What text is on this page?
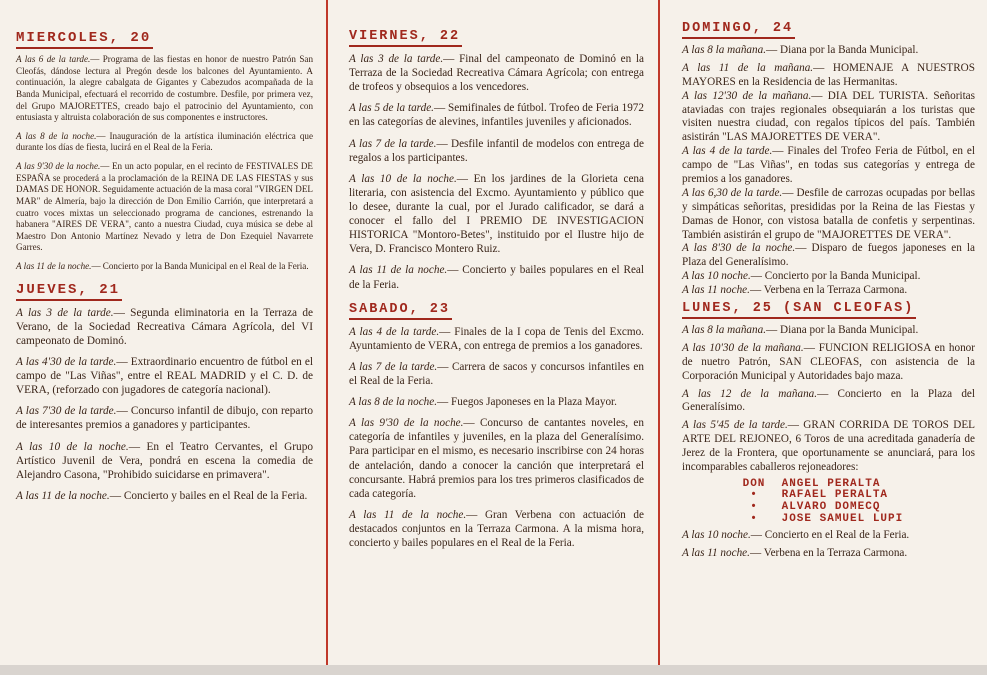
MIERCOLES, 20

A las 6 de la tarde.— Programa de las fiestas en honor de nuestro Patrón San Cleofás, dándose lectura al Pregón desde los balcones del Ayuntamiento. A continuación, la alegre cabalgata de Gigantes y Cabezudos acompañada de la Banda Municipal, efectuará el recorrido de costumbre. Desfile, por primera vez, del Grupo MAJORETTES, creado bajo el patrocinio del Ayuntamiento, con entusiasta y altruista colaboración de sus componentes e instructores.
A las 8 de la noche.— Inauguración de la artística iluminación eléctrica que durante los días de fiesta, lucirá en el Real de la Feria.
A las 9'30 de la noche.— En un acto popular, en el recinto de FESTIVALES DE ESPAÑA se procederá a la proclamación de la REINA DE LAS FIESTAS y sus DAMAS DE HONOR. Seguidamente actuación de la masa coral "VIRGEN DEL MAR" de Almería, bajo la dirección de Don Emilio Carrión, que interpretará a cuatro voces mixtas un seleccionado programa de canciones, estrenando la habanera "AIRES DE VERA", canto a nuestra Ciudad, cuya música se debe al Maestro Don Antonio Martínez Nevado y letra de Don Ezequiel Navarrete Garres.
A las 11 de la noche.— Concierto por la Banda Municipal en el Real de la Feria.
JUEVES, 21

A las 3 de la tarde.— Segunda eliminatoria en la Terraza de Verano, de la Sociedad Recreativa Cámara Agrícola, del VI campeonato de Dominó.
A las 4'30 de la tarde.— Extraordinario encuentro de fútbol en el campo de "Las Viñas", entre el REAL MADRID y el C. D. de VERA, (reforzado con jugadores de categoría nacional).
A las 7'30 de la tarde.— Concurso infantil de dibujo, con reparto de interesantes premios a ganadores y participantes.
A las 10 de la noche.— En el Teatro Cervantes, el Grupo Artístico Juvenil de Vera, pondrá en escena la comedia de Alejandro Casona, "Prohibido suicidarse en primavera".
A las 11 de la noche.— Concierto y bailes en el Real de la Feria.
VIERNES, 22

A las 3 de la tarde.— Final del campeonato de Dominó en la Terraza de la Sociedad Recreativa Cámara Agrícola; con entrega de trofeos y obsequios a los vencedores.
A las 5 de la tarde.— Semifinales de fútbol. Trofeo de Feria 1972 en las categorías de alevines, infantiles juveniles y aficionados.
A las 7 de la tarde.— Desfile infantil de modelos con entrega de regalos a los participantes.
A las 10 de la noche.— En los jardines de la Glorieta cena literaria, con asistencia del Excmo. Ayuntamiento y público que lo desee, durante la cual, por el Jurado calificador, se dará a conocer el fallo del I PREMIO DE INVESTIGACION HISTORICA "Montoro-Betes", instituido por el Ilustre hijo de Vera, D. Francisco Montero Ruiz.
A las 11 de la noche.— Concierto y bailes populares en el Real de la Feria.
SABADO, 23

A las 4 de la tarde.— Finales de la I copa de Tenis del Excmo. Ayuntamiento de VERA, con entrega de premios a los ganadores.
A las 7 de la tarde.— Carrera de sacos y concursos infantiles en el Real de la Feria.
A las 8 de la noche.— Fuegos Japoneses en la Plaza Mayor.
A las 9'30 de la noche.— Concurso de cantantes noveles, en categoría de infantiles y juveniles, en la plaza del Generalísimo. Para participar en el mismo, es necesario inscribirse con 24 horas de antelación, dando a conocer la canción que interpretará el concursante. Habrá premios para los tres primeros clasificados de cada categoría.
A las 11 de la noche.— Gran Verbena con actuación de destacados conjuntos en la Terraza Carmona. A la misma hora, concierto y bailes populares en el Real de la Feria.
DOMINGO, 24

A las 8 la mañana.— Diana por la Banda Municipal.
A las 11 de la mañana.— HOMENAJE A NUESTROS MAYORES en la Residencia de las Hermanitas.
A las 12'30 de la mañana.— DIA DEL TURISTA. Señoritas ataviadas con trajes regionales obsequiarán a los turistas que visiten nuestra ciudad, con regalos típicos del país. También asistirán "LAS MAJORETTES DE VERA".
A las 4 de la tarde.— Finales del Trofeo Feria de Fútbol, en el campo de "Las Viñas", en todas sus categorías y entrega de premios a los ganadores.
A las 6,30 de la tarde.— Desfile de carrozas ocupadas por bellas y simpáticas señoritas, presididas por la Reina de las Fiestas y Damas de Honor, con vistosa batalla de confetis y serpentinas. También asistirán el grupo de "MAJORETTES DE VERA".
A las 8'30 de la noche.— Disparo de fuegos japoneses en la Plaza del Generalísimo.
A las 10 noche.— Concierto por la Banda Municipal.
A las 11 noche.— Verbena en la Terraza Carmona.
LUNES, 25 (SAN CLEOFAS)

A las 8 la mañana.— Diana por la Banda Municipal.
A las 10'30 de la mañana.— FUNCION RELIGIOSA en honor de nuetro Patrón, SAN CLEOFAS, con asistencia de la Corporación Municipal y Autoridades bajo maza.
A las 12 de la mañana.— Concierto en la Plaza del Generalísimo.
A las 5'45 de la tarde.— GRAN CORRIDA DE TOROS DEL ARTE DEL REJONEO, 6 Toros de una acreditada ganadería de Jerez de la Frontera, que oportunamente se anunciará, para los incomparables caballeros rejoneadores:
DON ANGEL PERALTA
• RAFAEL PERALTA
• ALVARO DOMECQ
• JOSE SAMUEL LUPI
A las 10 noche.— Concierto en el Real de la Feria.
A las 11 noche.— Verbena en la Terraza Carmona.
